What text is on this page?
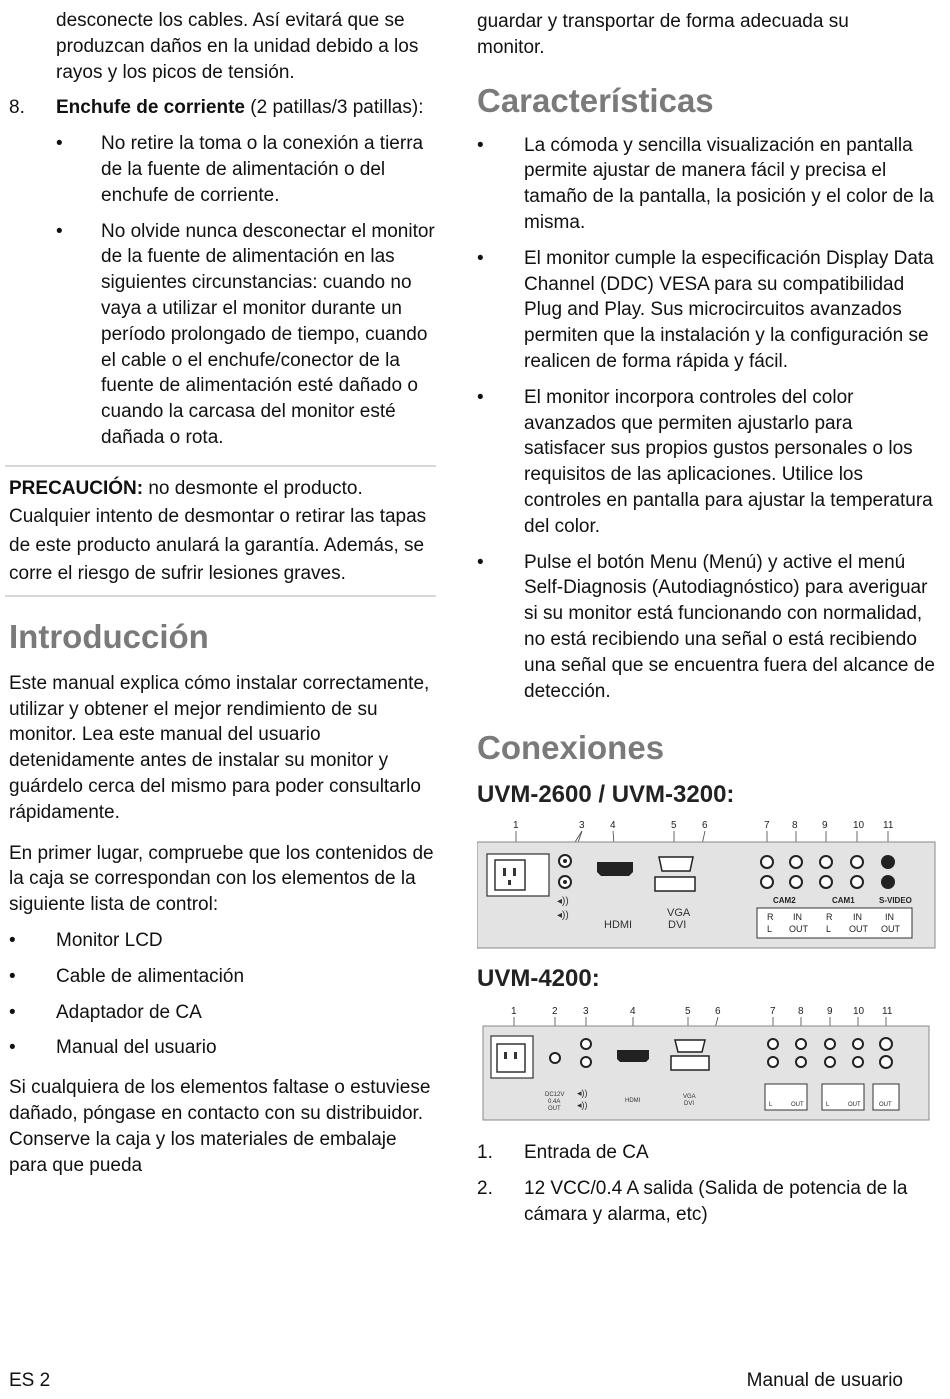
desconecte los cables. Así evitará que se produzcan daños en la unidad debido a los rayos y los picos de tensión.

8.	Enchufe de corriente (2 patillas/3 patillas):

•	No retire la toma o la conexión a tierra de la fuente de alimentación o del enchufe de corriente.

•	No olvide nunca desconectar el monitor de la fuente de alimentación en las siguientes circunstancias: cuando no vaya a utilizar el monitor durante un período prolongado de tiempo, cuando el cable o el enchufe/conector de la fuente de alimentación esté dañado o cuando la carcasa del monitor esté dañada o rota.

PRECAUCIÓN: no desmonte el producto. Cualquier intento de desmontar o retirar las tapas de este producto anulará la garantía. Además, se corre el riesgo de sufrir lesiones graves.

Introducción

Este manual explica cómo instalar correctamente, utilizar y obtener el mejor rendimiento de su monitor. Lea este manual del usuario detenidamente antes de instalar su monitor y guárdelo cerca del mismo para poder consultarlo rápidamente.

En primer lugar, compruebe que los contenidos de la caja se correspondan con los elementos de la siguiente lista de control:

•	Monitor LCD
•	Cable de alimentación
•	Adaptador de CA
•	Manual del usuario

Si cualquiera de los elementos faltase o estuviese dañado, póngase en contacto con su distribuidor. Conserve la caja y los materiales de embalaje para que pueda

guardar y transportar de forma adecuada su monitor.

Características
•	La cómoda y sencilla visualización en pantalla permite ajustar de manera fácil y precisa el tamaño de la pantalla, la posición y el color de la misma.

•	El monitor cumple la especificación Display Data Channel (DDC) VESA para su compatibilidad Plug and Play. Sus microcircuitos avanzados permiten que la instalación y la configuración se realicen de forma rápida y fácil.

•	El monitor incorpora controles del color avanzados que permiten ajustarlo para satisfacer sus propios gustos personales o los requisitos de las aplicaciones. Utilice los controles en pantalla para ajustar la temperatura del color.

•	Pulse el botón Menu (Menú) y active el menú Self-Diagnosis (Autodiagnóstico) para averiguar si su monitor está funcionando con normalidad, no está recibiendo una señal o está recibiendo una señal que se encuentra fuera del alcance de detección.

Conexiones
UVM-2600 / UVM-3200:
1	3	4	5	6	7 8 9	10 11
◂))
◂))
HDMI
VGA
DVI
CAM2	CAM1	S-VIDEO
R
L
IN
OUT
R
L
IN
OUT
IN
OUT
UVM-4200:
1	2	3	4	5 6	7 8 9 10 11
DC12V
0.4A
OUT
◂))
◂))	HDMI
VGA
DVI	L	OUT	L	OUT	OUT
1.	Entrada de CA

2.	12 VCC/0.4 A salida (Salida de potencia de la cámara y alarma, etc)

ES 2	Manual de usuario
